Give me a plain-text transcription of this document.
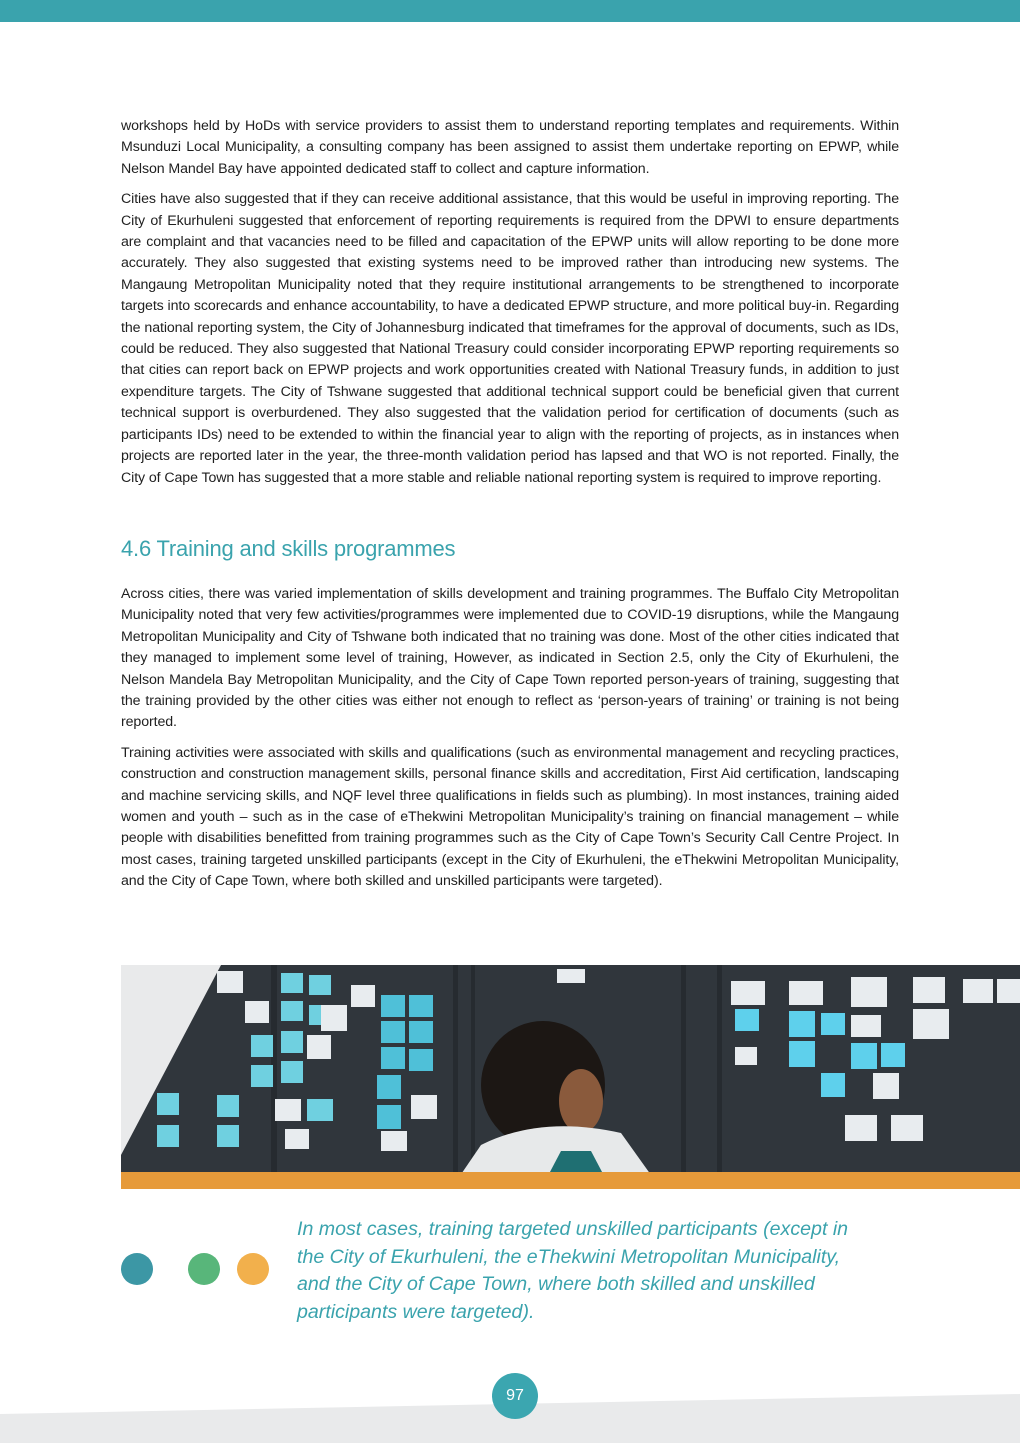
workshops held by HoDs with service providers to assist them to understand reporting templates and requirements. Within Msunduzi Local Municipality, a consulting company has been assigned to assist them undertake reporting on EPWP, while Nelson Mandel Bay have appointed dedicated staff to collect and capture information.

Cities have also suggested that if they can receive additional assistance, that this would be useful in improving reporting. The City of Ekurhuleni suggested that enforcement of reporting requirements is required from the DPWI to ensure departments are complaint and that vacancies need to be filled and capacitation of the EPWP units will allow reporting to be done more accurately. They also suggested that existing systems need to be improved rather than introducing new systems. The Mangaung Metropolitan Municipality noted that they require institutional arrangements to be strengthened to incorporate targets into scorecards and enhance accountability, to have a dedicated EPWP structure, and more political buy-in. Regarding the national reporting system, the City of Johannesburg indicated that timeframes for the approval of documents, such as IDs, could be reduced. They also suggested that National Treasury could consider incorporating EPWP reporting requirements so that cities can report back on EPWP projects and work opportunities created with National Treasury funds, in addition to just expenditure targets. The City of Tshwane suggested that additional technical support could be beneficial given that current technical support is overburdened. They also suggested that the validation period for certification of documents (such as participants IDs) need to be extended to within the financial year to align with the reporting of projects, as in instances when projects are reported later in the year, the three-month validation period has lapsed and that WO is not reported. Finally, the City of Cape Town has suggested that a more stable and reliable national reporting system is required to improve reporting.

4.6 Training and skills programmes

Across cities, there was varied implementation of skills development and training programmes. The Buffalo City Metropolitan Municipality noted that very few activities/programmes were implemented due to COVID-19 disruptions, while the Mangaung Metropolitan Municipality and City of Tshwane both indicated that no training was done. Most of the other cities indicated that they managed to implement some level of training, However, as indicated in Section 2.5, only the City of Ekurhuleni, the Nelson Mandela Bay Metropolitan Municipality, and the City of Cape Town reported person-years of training, suggesting that the training provided by the other cities was either not enough to reflect as ‘person-years of training’ or training is not being reported.

Training activities were associated with skills and qualifications (such as environmental management and recycling practices, construction and construction management skills, personal finance skills and accreditation, First Aid certification, landscaping and machine servicing skills, and NQF level three qualifications in fields such as plumbing). In most instances, training aided women and youth – such as in the case of eThekwini Metropolitan Municipality’s training on financial management – while people with disabilities benefitted from training programmes such as the City of Cape Town’s Security Call Centre Project. In most cases, training targeted unskilled participants (except in the City of Ekurhuleni, the eThekwini Metropolitan Municipality, and the City of Cape Town, where both skilled and unskilled participants were targeted).

In most cases, training targeted unskilled participants (except in the City of Ekurhuleni, the eThekwini Metropolitan Municipality, and the City of Cape Town, where both skilled and unskilled participants were targeted).

97
